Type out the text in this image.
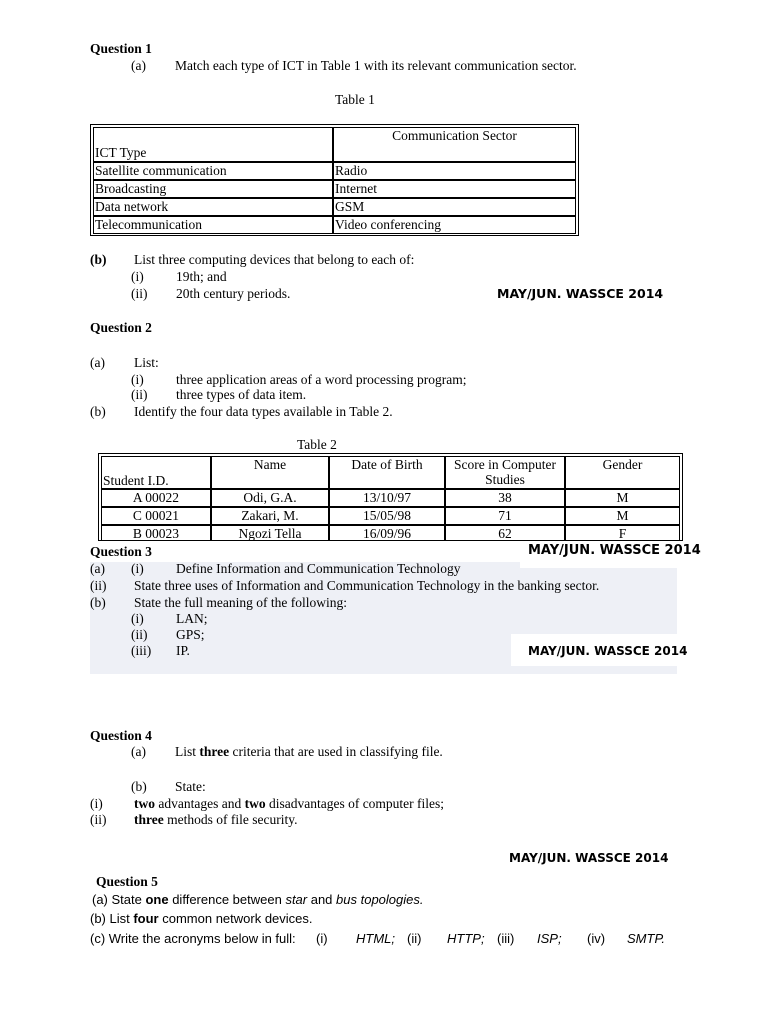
Question 1
(a) Match each type of ICT in Table 1 with its relevant communication sector.
Table 1
ICT Type	Communication Sector
Satellite communication	Radio
Broadcasting	Internet
Data network	GSM
Telecommunication	Video conferencing
(b) List three computing devices that belong to each of:
(i) 19th; and
(ii) 20th century periods.	MAY/JUN. WASSCE 2014
Question 2
(a) List:
(i) three application areas of a word processing program;
(ii) three types of data item.
(b) Identify the four data types available in Table 2.
Table 2
Student I.D.	Name	Date of Birth	Score in Computer Studies	Gender
A 00022	Odi, G.A.	13/10/97	38	M
C 00021	Zakari, M.	15/05/98	71	M
B 00023	Ngozi Tella	16/09/96	62	F
MAY/JUN. WASSCE 2014
Question 3
(a) (i) Define Information and Communication Technology
(ii) State three uses of Information and Communication Technology in the banking sector.
(b) State the full meaning of the following:
(i) LAN;
(ii) GPS;
(iii) IP.	MAY/JUN. WASSCE 2014
Question 4
(a) List three criteria that are used in classifying file.
(b) State:
(i) two advantages and two disadvantages of computer files;
(ii) three methods of file security.
MAY/JUN. WASSCE 2014
Question 5
(a) State one difference between star and bus topologies.
(b) List four common network devices.
(c) Write the acronyms below in full: (i) HTML; (ii) HTTP; (iii) ISP; (iv) SMTP.
